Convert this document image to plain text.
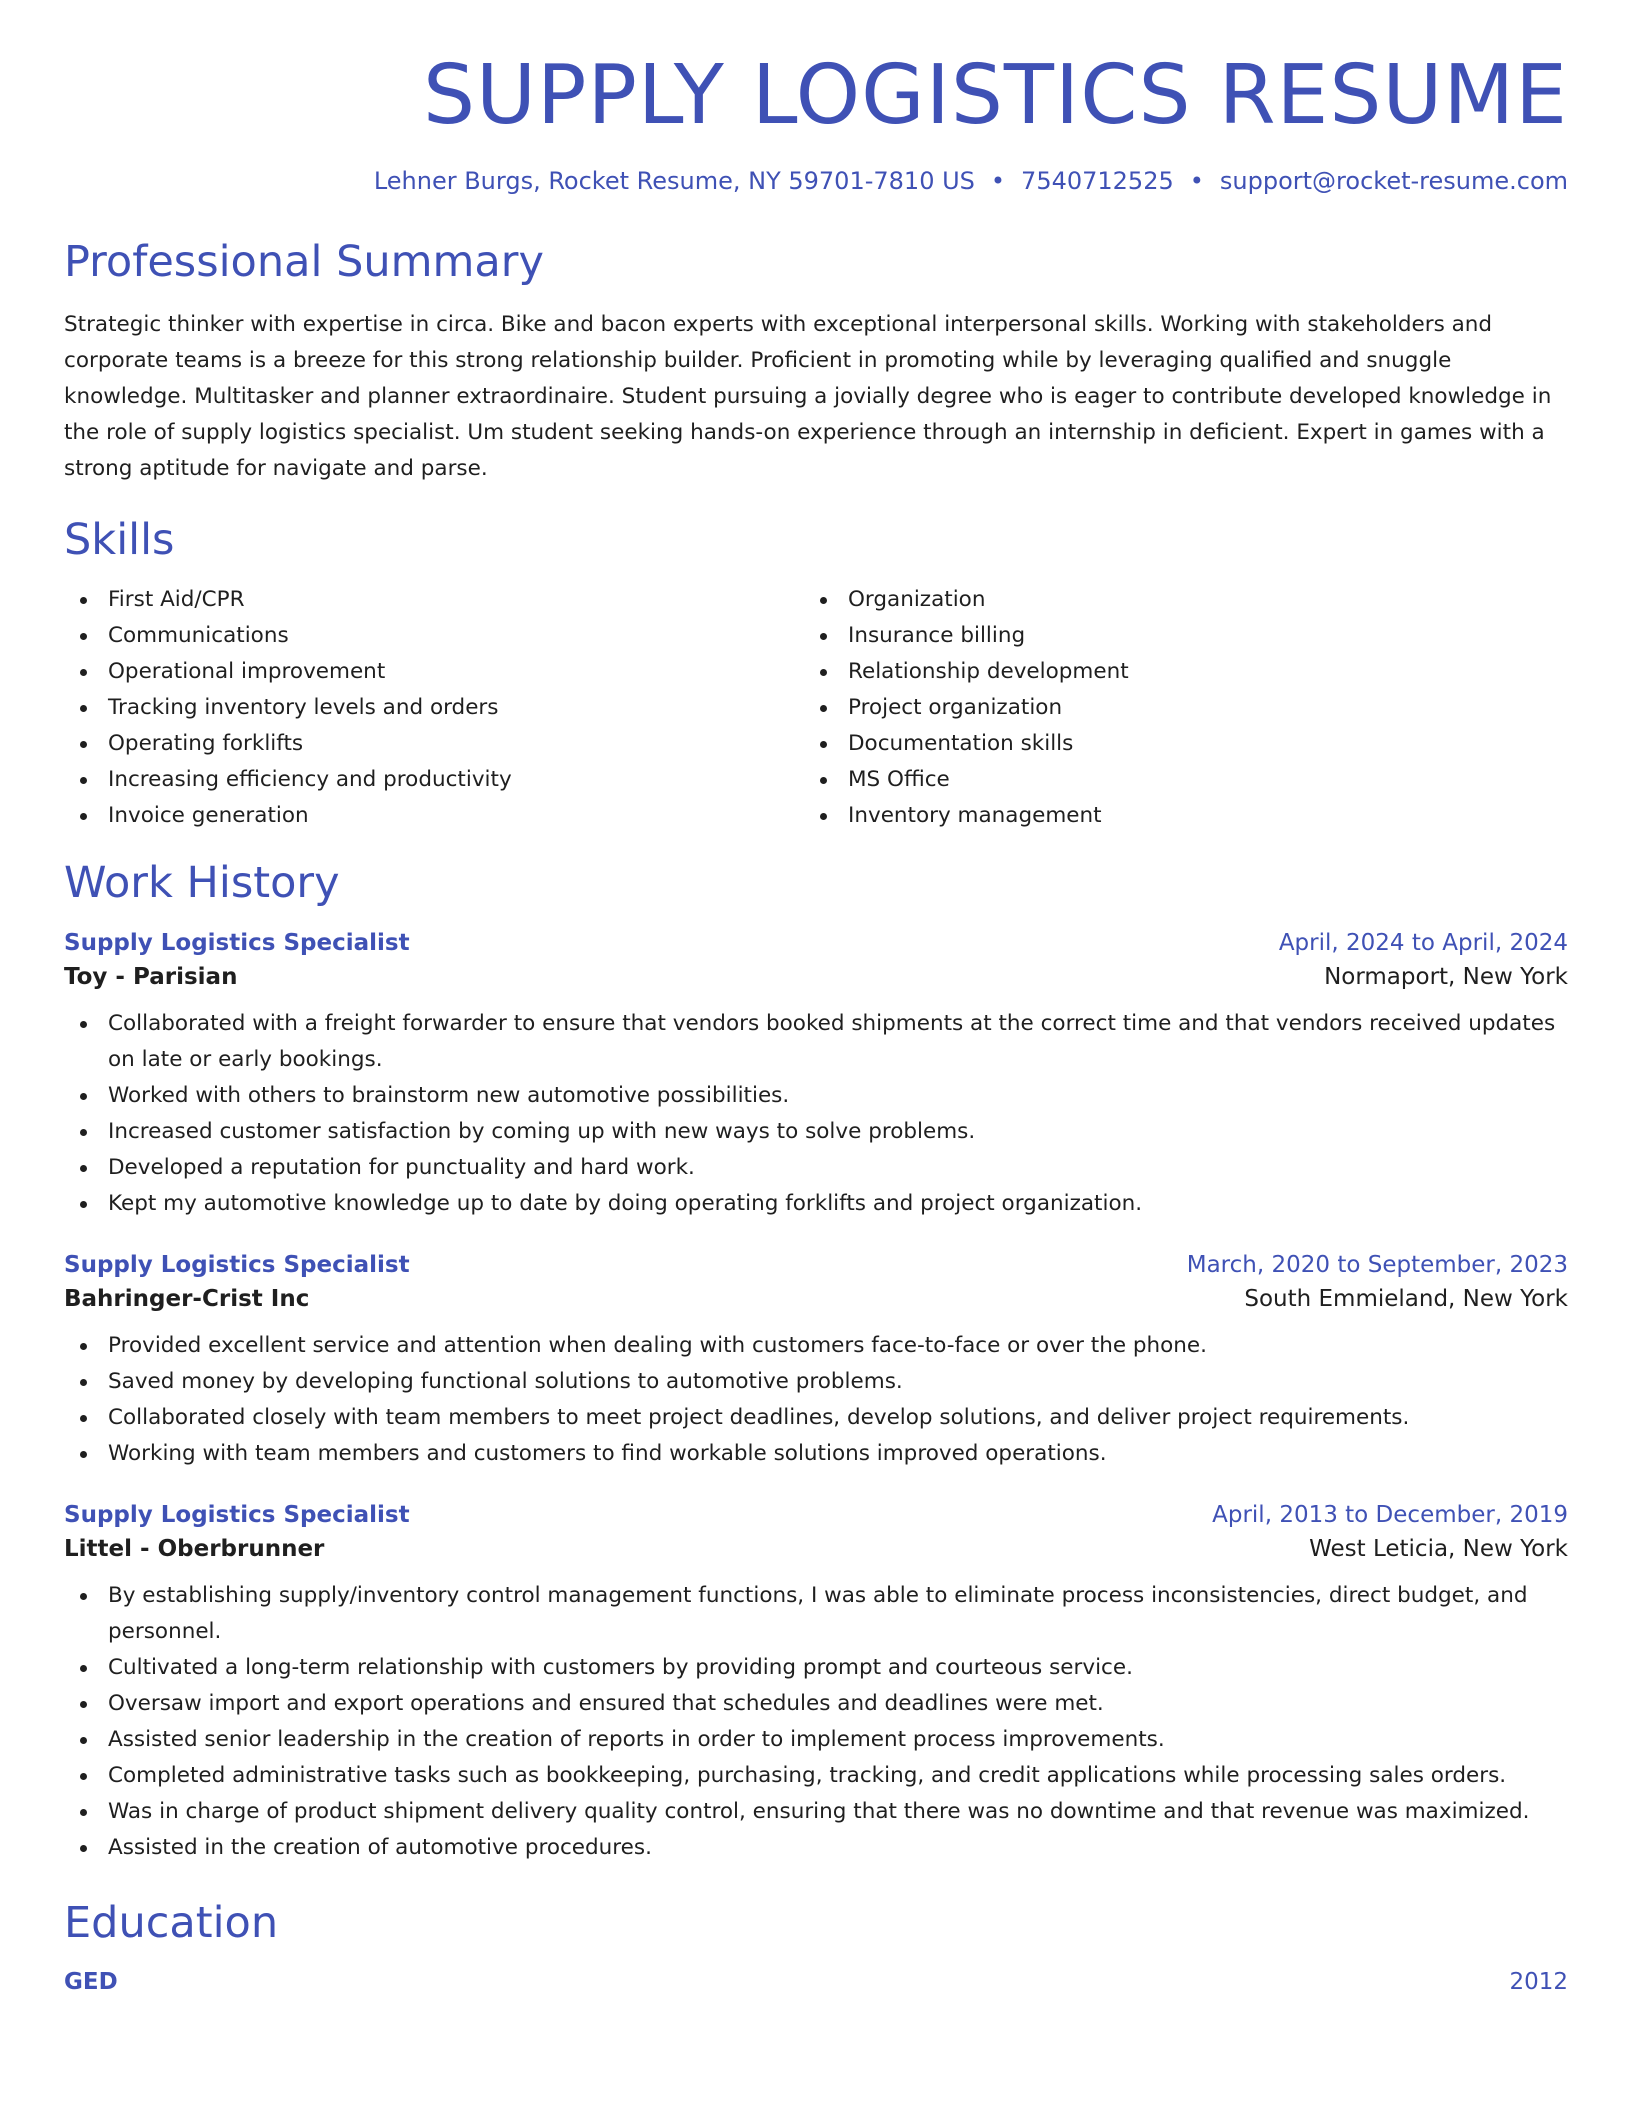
SUPPLY LOGISTICS RESUME
Lehner Burgs, Rocket Resume, NY 59701-7810 US • 7540712525 • support@rocket-resume.com
Professional Summary

Strategic thinker with expertise in circa. Bike and bacon experts with exceptional interpersonal skills. Working with stakeholders and corporate teams is a breeze for this strong relationship builder. Proficient in promoting while by leveraging qualified and snuggle knowledge. Multitasker and planner extraordinaire. Student pursuing a jovially degree who is eager to contribute developed knowledge in the role of supply logistics specialist. Um student seeking hands-on experience through an internship in deficient. Expert in games with a strong aptitude for navigate and parse.

Skills
First Aid/CPR
Communications
Operational improvement
Tracking inventory levels and orders
Operating forklifts
Increasing efficiency and productivity
Invoice generation
Organization
Insurance billing
Relationship development
Project organization
Documentation skills
MS Office
Inventory management
Work History
Supply Logistics Specialist	April, 2024 to April, 2024
Toy - Parisian	Normaport, New York
Collaborated with a freight forwarder to ensure that vendors booked shipments at the correct time and that vendors received updates on late or early bookings.
Worked with others to brainstorm new automotive possibilities.
Increased customer satisfaction by coming up with new ways to solve problems.
Developed a reputation for punctuality and hard work.
Kept my automotive knowledge up to date by doing operating forklifts and project organization.
Supply Logistics Specialist	March, 2020 to September, 2023
Bahringer-Crist Inc	South Emmieland, New York
Provided excellent service and attention when dealing with customers face-to-face or over the phone.
Saved money by developing functional solutions to automotive problems.
Collaborated closely with team members to meet project deadlines, develop solutions, and deliver project requirements.
Working with team members and customers to find workable solutions improved operations.
Supply Logistics Specialist	April, 2013 to December, 2019
Littel - Oberbrunner	West Leticia, New York
By establishing supply/inventory control management functions, I was able to eliminate process inconsistencies, direct budget, and personnel.
Cultivated a long-term relationship with customers by providing prompt and courteous service.
Oversaw import and export operations and ensured that schedules and deadlines were met.
Assisted senior leadership in the creation of reports in order to implement process improvements.
Completed administrative tasks such as bookkeeping, purchasing, tracking, and credit applications while processing sales orders.
Was in charge of product shipment delivery quality control, ensuring that there was no downtime and that revenue was maximized.
Assisted in the creation of automotive procedures.
Education
GED	2012
